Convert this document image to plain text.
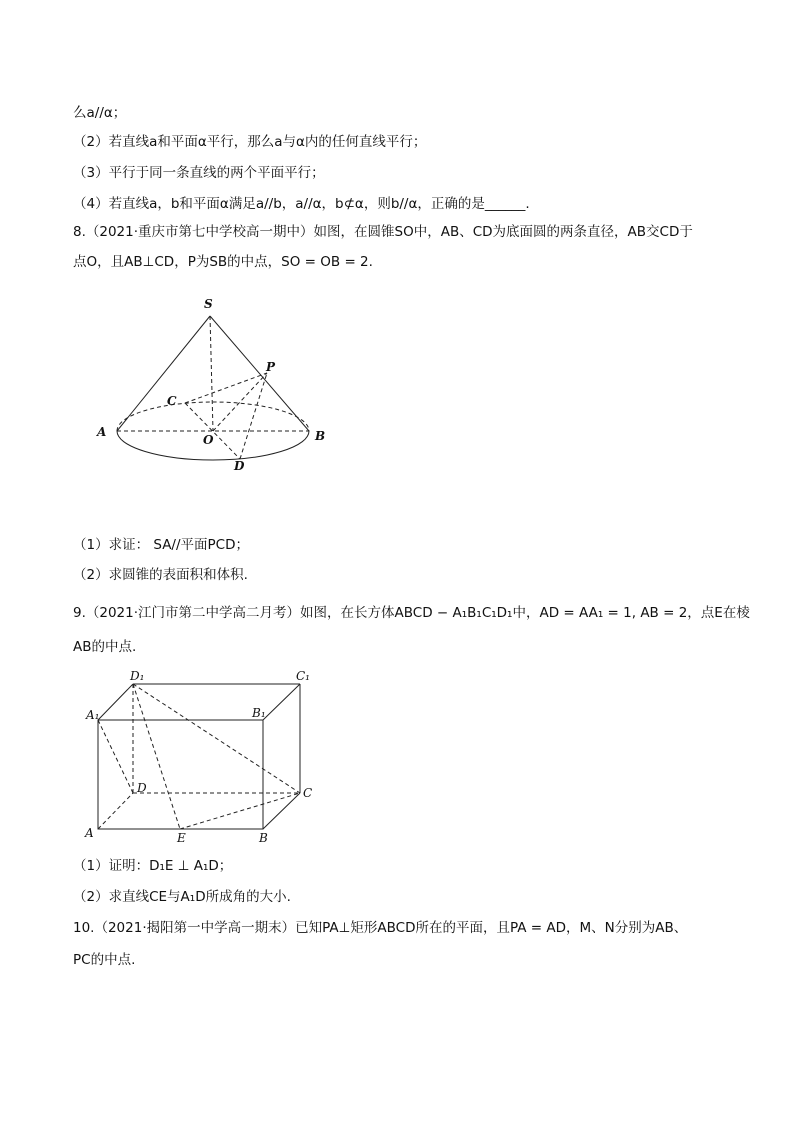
么a//α；
（2）若直线a和平面α平行，那么a与α内的任何直线平行；
（3）平行于同一条直线的两个平面平行；
（4）若直线a，b和平面α满足a//b，a//α，b⊄α，则b//α，正确的是______.
8.（2021·重庆市第七中学校高一期中）如图，在圆锥SO中，AB、CD为底面圆的两条直径，AB交CD于
点O，且AB⊥CD，P为SB的中点，SO = OB = 2.
（1）求证： SA//平面PCD；
（2）求圆锥的表面积和体积.
9.（2021·江门市第二中学高二月考）如图，在长方体ABCD − A₁B₁C₁D₁中，AD = AA₁ = 1, AB = 2，点E在棱
AB的中点.
（1）证明：D₁E ⊥ A₁D；
（2）求直线CE与A₁D所成角的大小.
10.（2021·揭阳第一中学高一期末）已知PA⊥矩形ABCD所在的平面，且PA = AD，M、N分别为AB、
PC的中点.
S
P
C
A
O	B
D
D₁	C₁
A₁	B₁
D	C
A	E	B
